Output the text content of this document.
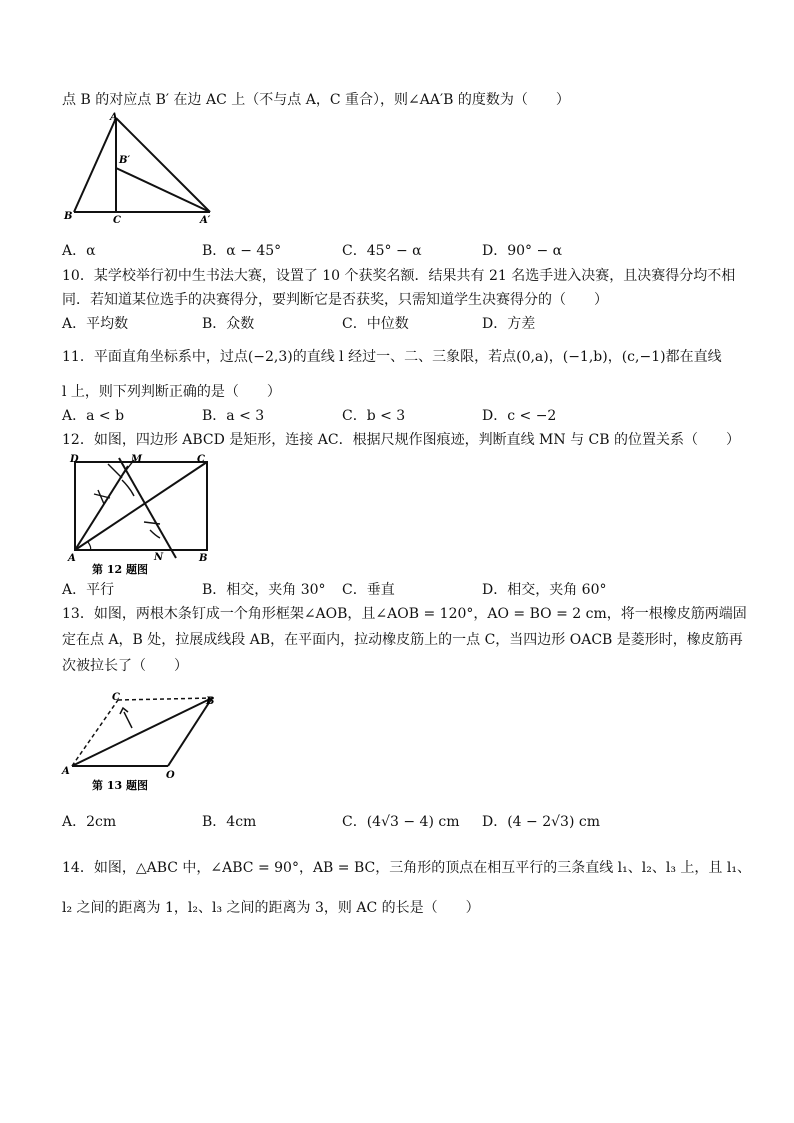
点 B 的对应点 B′ 在边 AC 上（不与点 A，C 重合），则∠AA′B 的度数为（　　）
A
B	C	A′
B′
A．α	B．α − 45°	C．45° − α	D．90° − α
10．某学校举行初中生书法大赛，设置了 10 个获奖名额．结果共有 21 名选手进入决赛，且决赛得分均不相
同．若知道某位选手的决赛得分，要判断它是否获奖，只需知道学生决赛得分的（　　）
A．平均数	B．众数	C．中位数	D．方差
11．平面直角坐标系中，过点(−2,3)的直线 l 经过一、二、三象限，若点(0,a)，(−1,b)，(c,−1)都在直线
l 上，则下列判断正确的是（　　）
A．a < b	B．a < 3	C．b < 3	D．c < −2
12．如图，四边形 ABCD 是矩形，连接 AC．根据尺规作图痕迹，判断直线 MN 与 CB 的位置关系（　　）
D	M	C
A	N	B
第 12 题图
A．平行	B．相交，夹角 30° C．垂直	D．相交，夹角 60°
13．如图，两根木条钉成一个角形框架∠AOB，且∠AOB = 120°，AO = BO = 2 cm，将一根橡皮筋两端固
定在点 A，B 处，拉展成线段 AB，在平面内，拉动橡皮筋上的一点 C，当四边形 OACB 是菱形时，橡皮筋再
次被拉长了（　　）
A
C	B
O
第 13 题图
A．2cm	B．4cm	C．(4√3 − 4) cm D．(4 − 2√3) cm
14．如图，△ABC 中，∠ABC = 90°，AB = BC，三角形的顶点在相互平行的三条直线 l₁、l₂、l₃ 上，且 l₁、
l₂ 之间的距离为 1，l₂、l₃ 之间的距离为 3，则 AC 的长是（　　）
